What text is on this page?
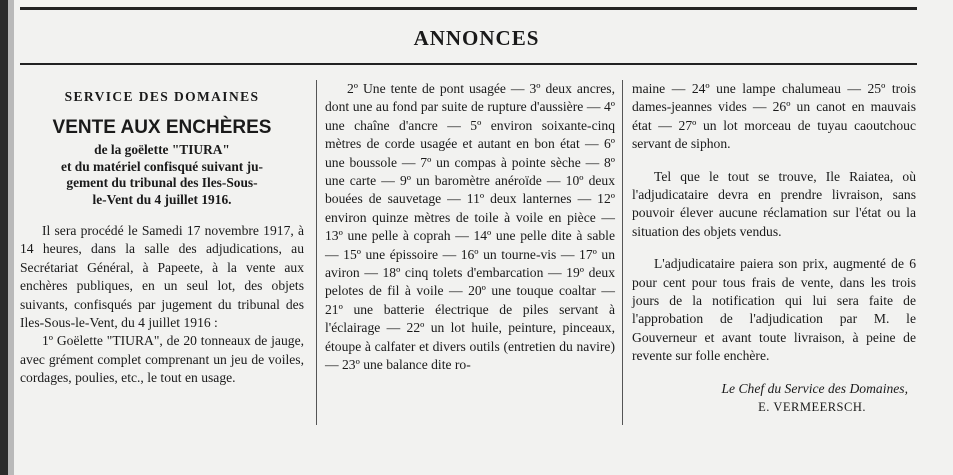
ANNONCES

SERVICE DES DOMAINES

VENTE AUX ENCHÈRES

de la goëlette "TIURA"

et du matériel confisqué suivant ju-

gement du tribunal des Iles-Sous-

le-Vent du 4 juillet 1916.

Il sera procédé le Samedi 17 novembre 1917, à 14 heures, dans la salle des adjudications, au Secrétariat Général, à Papeete, à la vente aux enchères publiques, en un seul lot, des objets suivants, confisqués par jugement du tribunal des Iles-Sous-le-Vent, du 4 juillet 1916 :

1º Goëlette "TIURA", de 20 tonneaux de jauge, avec grément complet comprenant un jeu de voiles, cordages, poulies, etc., le tout en usage.

2º Une tente de pont usagée — 3º deux ancres, dont une au fond par suite de rupture d'aussière — 4º une chaîne d'ancre — 5º environ soixante-cinq mètres de corde usagée et autant en bon état — 6º une boussole — 7º un compas à pointe sèche — 8º une carte — 9º un baromètre anéroïde — 10º deux bouées de sauvetage — 11º deux lanternes — 12º environ quinze mètres de toile à voile en pièce — 13º une pelle à coprah — 14º une pelle dite à sable — 15º une épissoire — 16º un tourne-vis — 17º un aviron — 18º cinq tolets d'embarcation — 19º deux pelotes de fil à voile — 20º une touque coaltar — 21º une batterie électrique de piles servant à l'éclairage — 22º un lot huile, peinture, pinceaux, étoupe à calfater et divers outils (entretien du navire) — 23º une balance dite ro-

maine — 24º une lampe chalumeau — 25º trois dames-jeannes vides — 26º un canot en mauvais état — 27º un lot morceau de tuyau caoutchouc servant de siphon.

Tel que le tout se trouve, Ile Raiatea, où l'adjudicataire devra en prendre livraison, sans pouvoir élever aucune réclamation sur l'état ou la situation des objets vendus.

L'adjudicataire paiera son prix, augmenté de 6 pour cent pour tous frais de vente, dans les trois jours de la notification qui lui sera faite de l'approbation de l'adjudication par M. le Gouverneur et avant toute livraison, à peine de revente sur folle enchère.

Le Chef du Service des Domaines,

E. VERMEERSCH.
